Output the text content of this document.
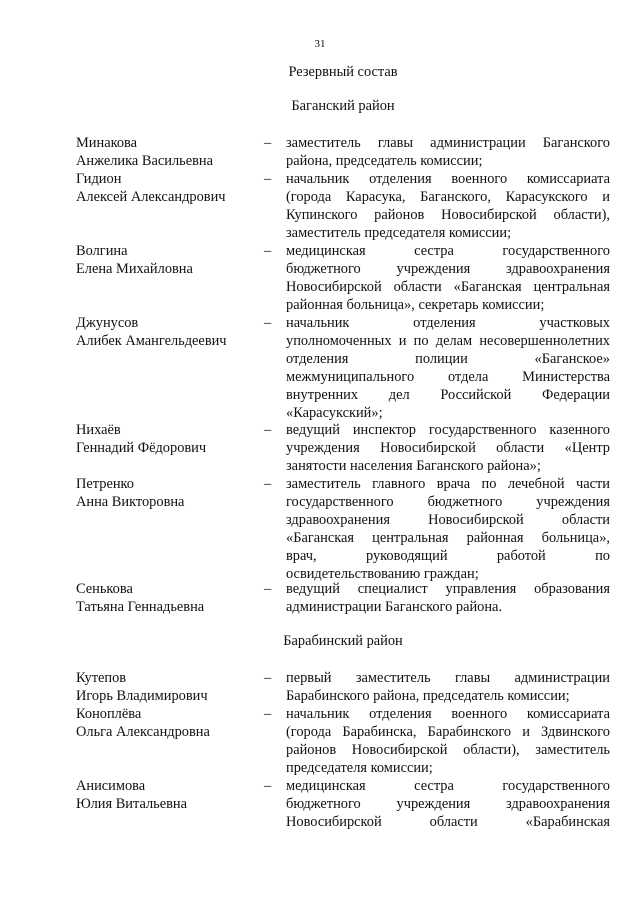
31
Резервный состав
Баганский район
Минакова
Анжелика Васильевна
– заместитель главы администрации Баганского
района, председатель комиссии;
Гидион
Алексей Александрович
– начальник отделения военного комиссариата
(города Карасука, Баганского, Карасукского и
Купинского районов Новосибирской области),
заместитель председателя комиссии;
Волгина
Елена Михайловна
– медицинская сестра государственного
бюджетного учреждения здравоохранения
Новосибирской области «Баганская центральная
районная больница», секретарь комиссии;
Джунусов
Алибек Амангельдеевич
– начальник отделения участковых
уполномоченных и по делам несовершеннолетних
отделения полиции «Баганское»
межмуниципального отдела Министерства
внутренних дел Российской Федерации
«Карасукский»;
Нихаёв
Геннадий Фёдорович
– ведущий инспектор государственного казенного
учреждения Новосибирской области «Центр
занятости населения Баганского района»;
Петренко
Анна Викторовна
– заместитель главного врача по лечебной части
государственного бюджетного учреждения
здравоохранения Новосибирской области
«Баганская центральная районная больница»,
врач, руководящий работой по
освидетельствованию граждан;
Сенькова
Татьяна Геннадьевна
– ведущий специалист управления образования
администрации Баганского района.
Барабинский район
Кутепов
Игорь Владимирович
– первый заместитель главы администрации
Барабинского района, председатель комиссии;
Коноплёва
Ольга Александровна
– начальник отделения военного комиссариата
(города Барабинска, Барабинского и Здвинского
районов Новосибирской области), заместитель
председателя комиссии;
Анисимова
Юлия Витальевна
– медицинская сестра государственного
бюджетного учреждения здравоохранения
Новосибирской области «Барабинская
